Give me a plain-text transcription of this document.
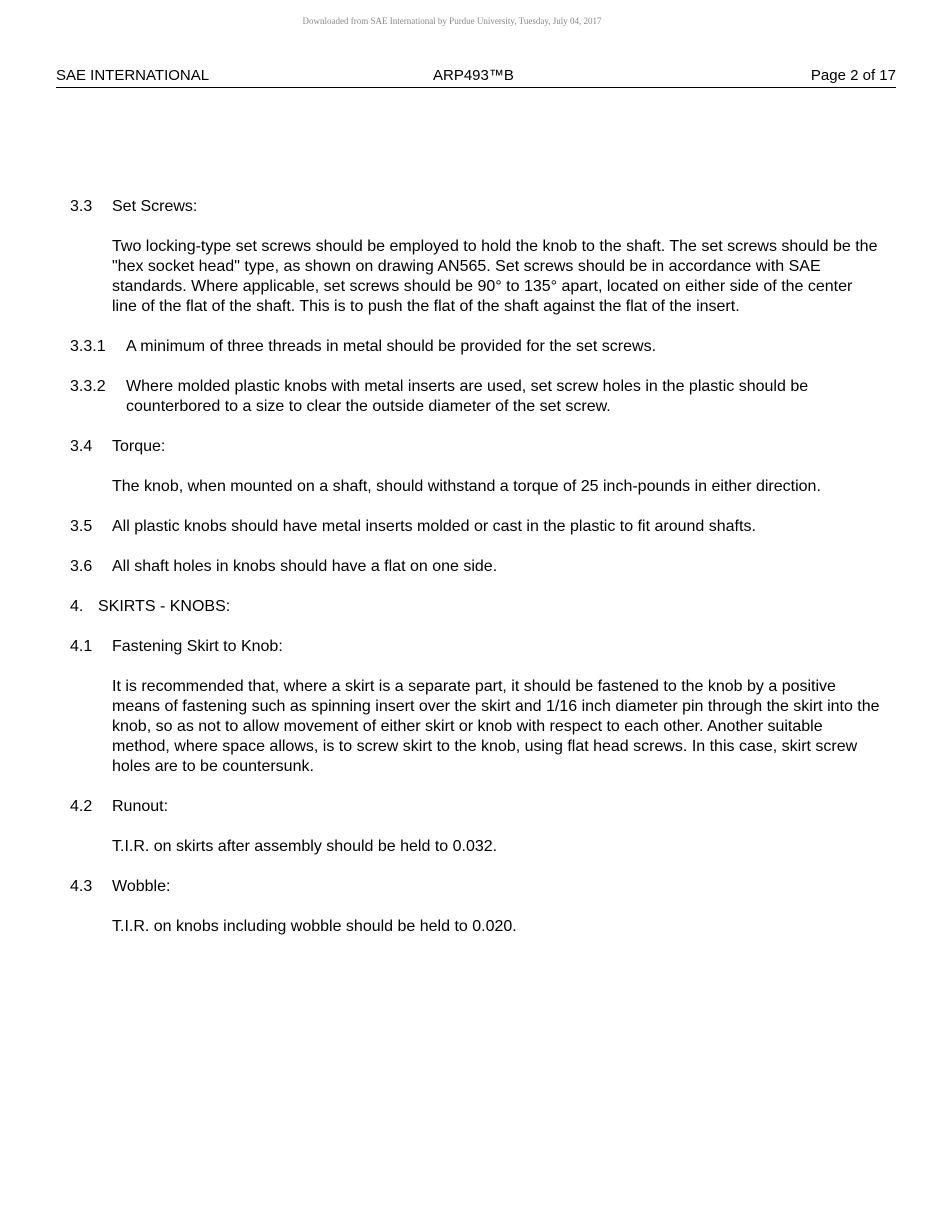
Downloaded from SAE International by Purdue University, Tuesday, July 04, 2017
SAE INTERNATIONAL	ARP493™B	Page 2 of 17
3.3	Set Screws:

Two locking-type set screws should be employed to hold the knob to the shaft. The set screws should be the "hex socket head" type, as shown on drawing AN565. Set screws should be in accordance with SAE standards. Where applicable, set screws should be 90° to 135° apart, located on either side of the center line of the flat of the shaft. This is to push the flat of the shaft against the flat of the insert.

3.3.1	A minimum of three threads in metal should be provided for the set screws.
3.3.2	Where molded plastic knobs with metal inserts are used, set screw holes in the plastic should be counterbored to a size to clear the outside diameter of the set screw.
3.4	Torque:

The knob, when mounted on a shaft, should withstand a torque of 25 inch-pounds in either direction.

3.5	All plastic knobs should have metal inserts molded or cast in the plastic to fit around shafts.
3.6	All shaft holes in knobs should have a flat on one side.
4. SKIRTS - KNOBS:
4.1	Fastening Skirt to Knob:

It is recommended that, where a skirt is a separate part, it should be fastened to the knob by a positive means of fastening such as spinning insert over the skirt and 1/16 inch diameter pin through the skirt into the knob, so as not to allow movement of either skirt or knob with respect to each other. Another suitable method, where space allows, is to screw skirt to the knob, using flat head screws. In this case, skirt screw holes are to be countersunk.

4.2	Runout:

T.I.R. on skirts after assembly should be held to 0.032.

4.3	Wobble:

T.I.R. on knobs including wobble should be held to 0.020.
